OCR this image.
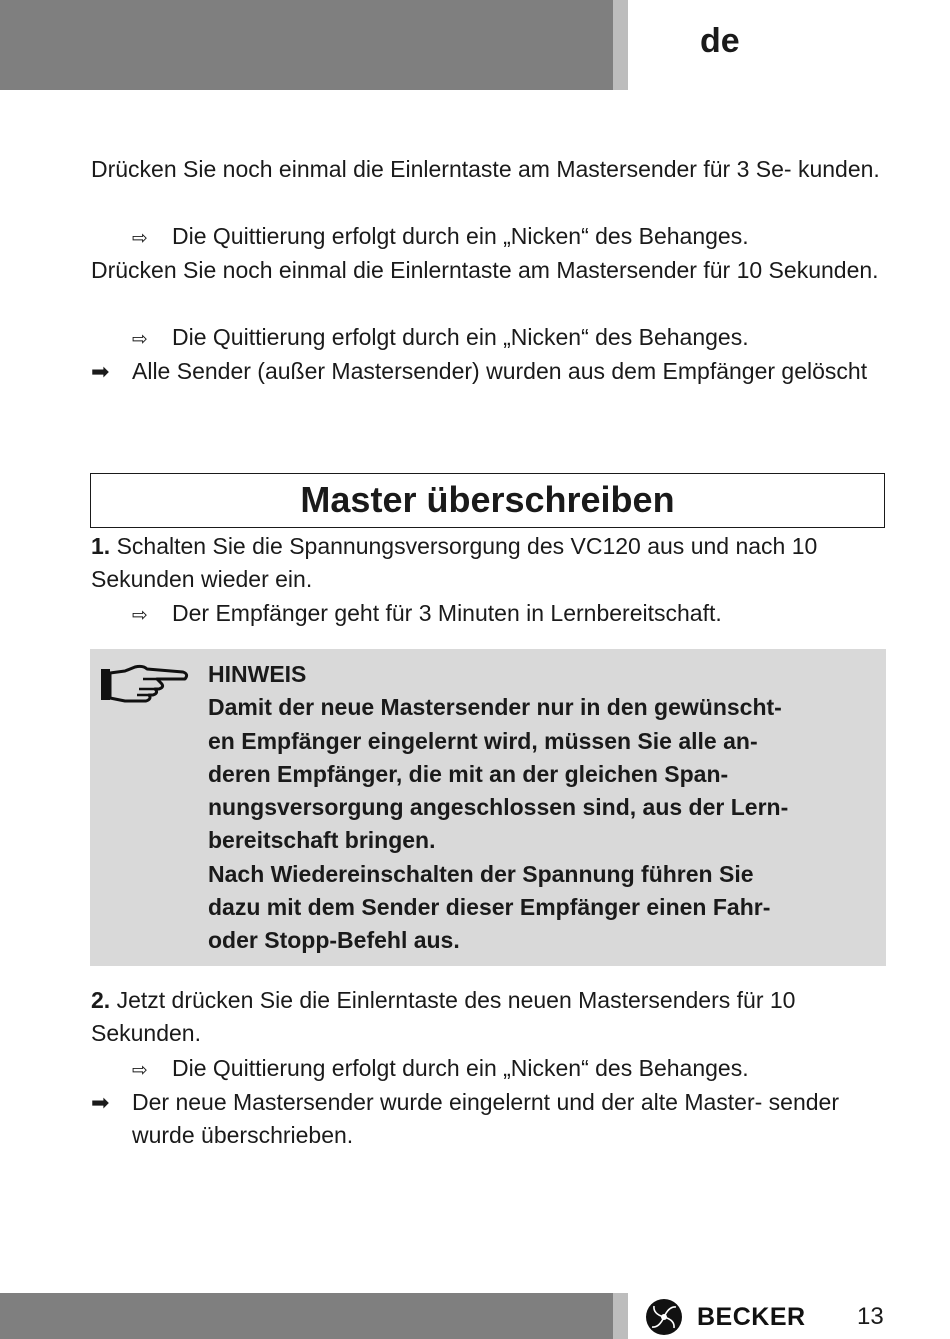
de

Drücken Sie noch einmal die Einlerntaste am Mastersender für 3 Se- kunden.

⇨ Die Quittierung erfolgt durch ein „Nicken“ des Behanges.

Drücken Sie noch einmal die Einlerntaste am Mastersender für 10 Sekunden.

⇨ Die Quittierung erfolgt durch ein „Nicken“ des Behanges.
➡ Alle Sender (außer Mastersender) wurden aus dem Empfänger gelöscht
Master überschreiben

1. Schalten Sie die Spannungsversorgung des VC120 aus und nach 10 Sekunden wieder ein.

⇨ Der Empfänger geht für 3 Minuten in Lernbereitschaft.
HINWEIS
Damit der neue Mastersender nur in den gewünscht-
en Empfänger eingelernt wird, müssen Sie alle an-
deren Empfänger, die mit an der gleichen Span-
nungsversorgung angeschlossen sind, aus der Lern-
bereitschaft bringen.
Nach Wiedereinschalten der Spannung führen Sie
dazu mit dem Sender dieser Empfänger einen Fahr-
oder Stopp-Befehl aus.

2. Jetzt drücken Sie die Einlerntaste des neuen Mastersenders für 10 Sekunden.

⇨ Die Quittierung erfolgt durch ein „Nicken“ des Behanges.
➡ Der neue Mastersender wurde eingelernt und der alte Master- sender wurde überschrieben.
BECKER 13
